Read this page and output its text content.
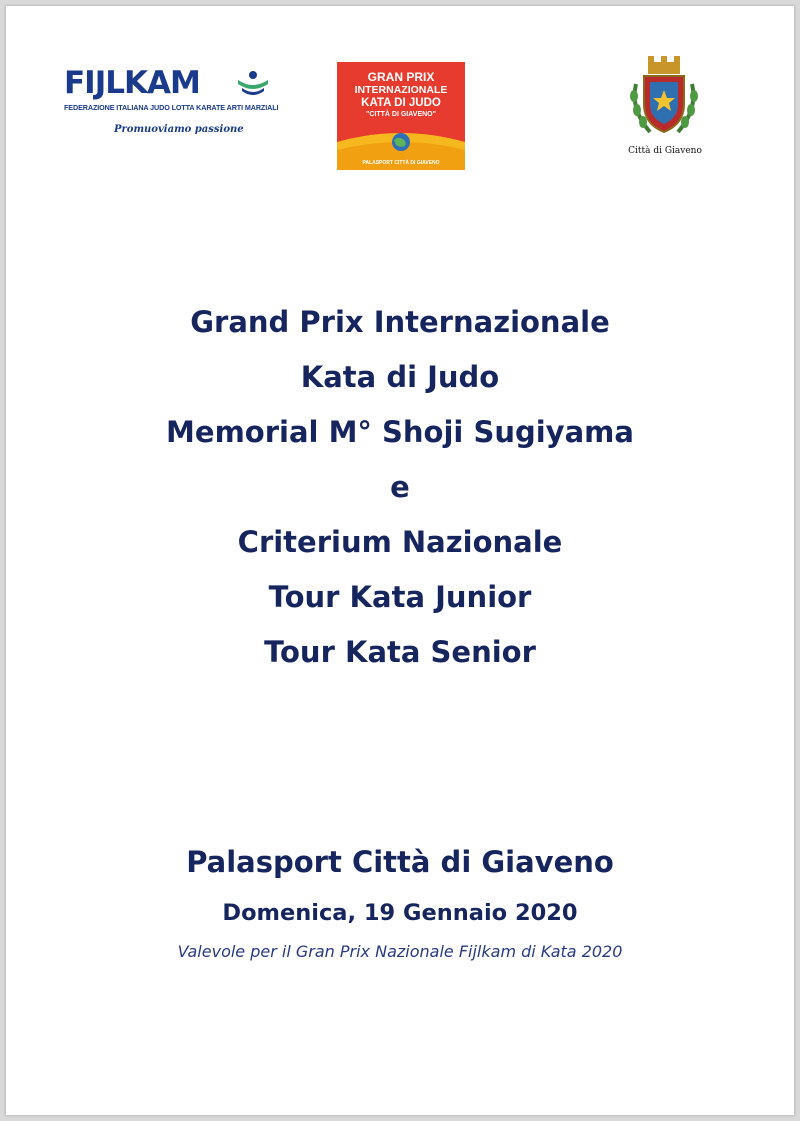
FIJLKAM
FEDERAZIONE ITALIANA JUDO LOTTA KARATE ARTI MARZIALI
Promuoviamo passione
GRAN PRIX
INTERNAZIONALE
KATA DI JUDO
"CITTÀ DI GIAVENO"
PALASPORT CITTÀ DI GIAVENO
Città di Giaveno
Grand Prix Internazionale
Kata di Judo
Memorial M° Shoji Sugiyama
e
Criterium Nazionale
Tour Kata Junior
Tour Kata Senior
Palasport Città di Giaveno
Domenica, 19 Gennaio 2020
Valevole per il Gran Prix Nazionale Fijlkam di Kata 2020
